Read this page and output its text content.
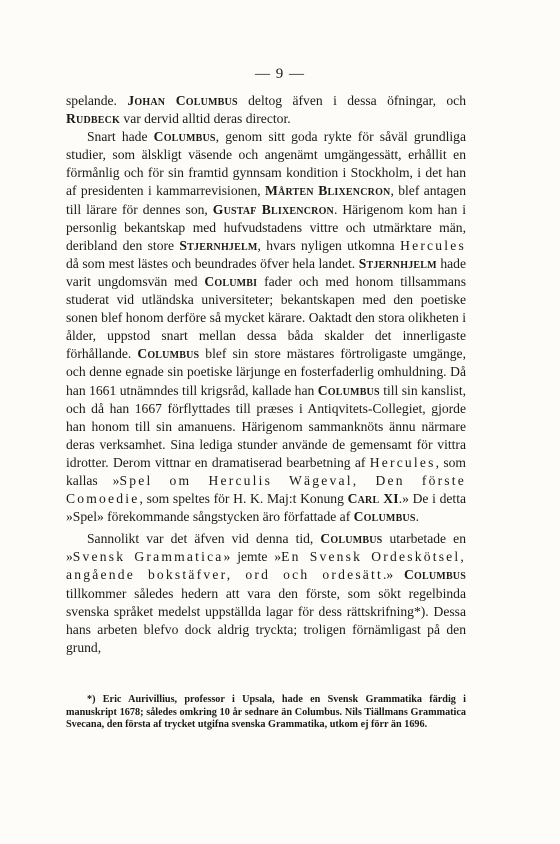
— 9 —

spelande. Johan Columbus deltog äfven i dessa öfningar, och Rudbeck var dervid alltid deras director.

Snart hade Columbus, genom sitt goda rykte för såväl grundliga studier, som älskligt väsende och angenämt umgängessätt, erhållit en förmånlig och för sin framtid gynnsam kondition i Stockholm, i det han af presidenten i kammarrevisionen, Mårten Blixencron, blef antagen till lärare för dennes son, Gustaf Blixencron. Härigenom kom han i personlig bekantskap med hufvudstadens vittre och utmärktare män, deribland den store Stjernhjelm, hvars nyligen utkomna Hercules då som mest lästes och beundrades öfver hela landet. Stjernhjelm hade varit ungdomsvän med Columbi fader och med honom tillsammans studerat vid utländska universiteter; bekantskapen med den poetiske sonen blef honom derföre så mycket kärare. Oaktadt den stora olikheten i ålder, uppstod snart mellan dessa båda skalder det innerligaste förhållande. Columbus blef sin store mästares förtroligaste umgänge, och denne egnade sin poetiske lärjunge en fosterfaderlig omhuldning. Då han 1661 utnämndes till krigsråd, kallade han Columbus till sin kanslist, och då han 1667 förflyttades till præses i Antiqvitets-Collegiet, gjorde han honom till sin amanuens. Härigenom sammanknöts ännu närmare deras verksamhet. Sina lediga stunder använde de gemensamt för vittra idrotter. Derom vittnar en dramatiserad bearbetning af Hercules, som kallas »Spel om Herculis Wägeval, Den förste Comoedie, som speltes för H. K. Maj:t Konung Carl XI.» De i detta »Spel» förekommande sångstycken äro författade af Columbus.

Sannolikt var det äfven vid denna tid, Columbus utarbetade en »Svensk Grammatica» jemte »En Svensk Ordeskötsel, angående bokstäfver, ord och ordesätt.» Columbus tillkommer således hedern att vara den förste, som sökt regelbinda svenska språket medelst uppställda lagar för dess rättskrifning*). Dessa hans arbeten blefvo dock aldrig tryckta; troligen förnämligast på den grund,

*) Eric Aurivillius, professor i Upsala, hade en Svensk Grammatika färdig i manuskript 1678; således omkring 10 år sednare än Columbus. Nils Tiällmans Grammatica Svecana, den första af trycket utgifna svenska Grammatika, utkom ej förr än 1696.
